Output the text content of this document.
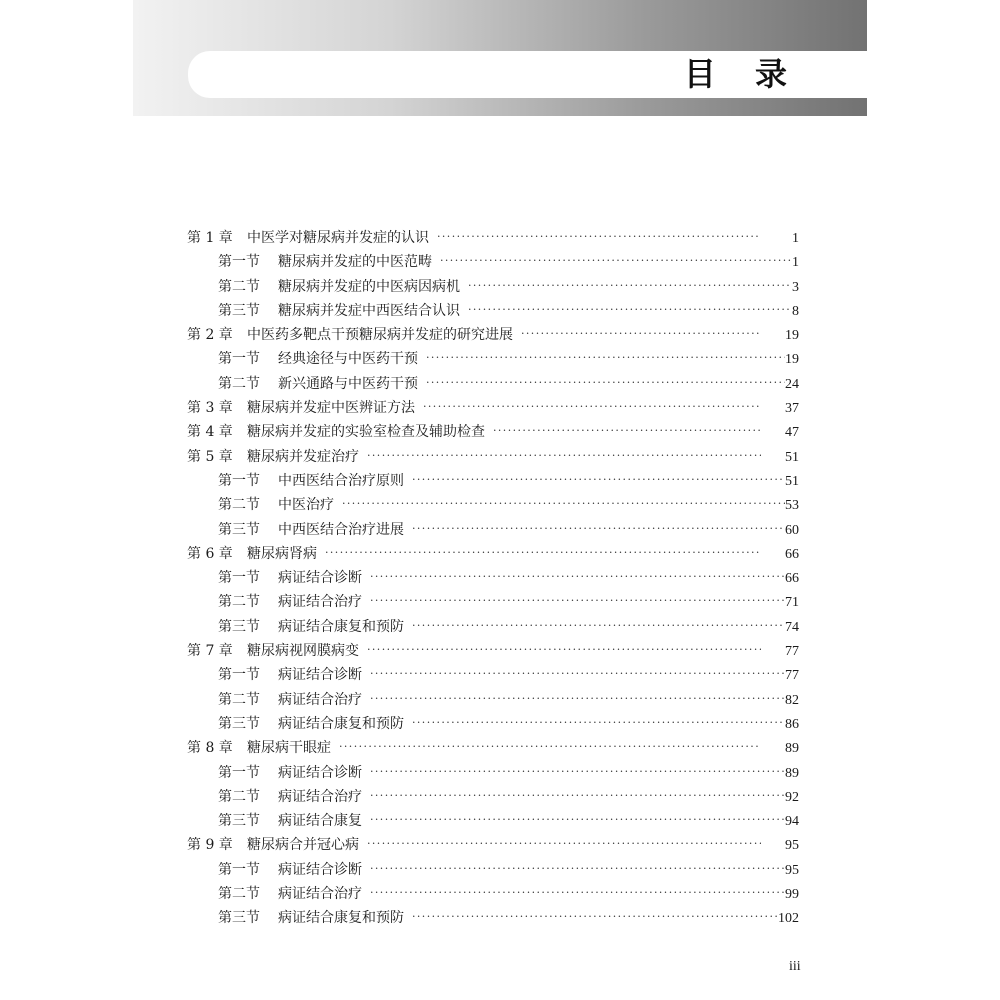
目 录
第 1 章	中医学对糖尿病并发症的认识 ·····	1
第一节	糖尿病并发症的中医范畴 ·····	1
第二节	糖尿病并发症的中医病因病机 ·····	3
第三节	糖尿病并发症中西医结合认识 ·····	8
第 2 章	中医药多靶点干预糖尿病并发症的研究进展 ·····	19
第一节	经典途径与中医药干预 ·····	19
第二节	新兴通路与中医药干预 ·····	24
第 3 章	糖尿病并发症中医辨证方法 ·····	37
第 4 章	糖尿病并发症的实验室检查及辅助检查 ·····	47
第 5 章	糖尿病并发症治疗 ·····	51
第一节	中西医结合治疗原则 ·····	51
第二节	中医治疗 ·····	53
第三节	中西医结合治疗进展 ·····	60
第 6 章	糖尿病肾病 ·····	66
第一节	病证结合诊断 ·····	66
第二节	病证结合治疗 ·····	71
第三节	病证结合康复和预防 ·····	74
第 7 章	糖尿病视网膜病变 ·····	77
第一节	病证结合诊断 ·····	77
第二节	病证结合治疗 ·····	82
第三节	病证结合康复和预防 ·····	86
第 8 章	糖尿病干眼症 ·····	89
第一节	病证结合诊断 ·····	89
第二节	病证结合治疗 ·····	92
第三节	病证结合康复 ·····	94
第 9 章	糖尿病合并冠心病 ·····	95
第一节	病证结合诊断 ·····	95
第二节	病证结合治疗 ·····	99
第三节	病证结合康复和预防 ·····	102
iii
